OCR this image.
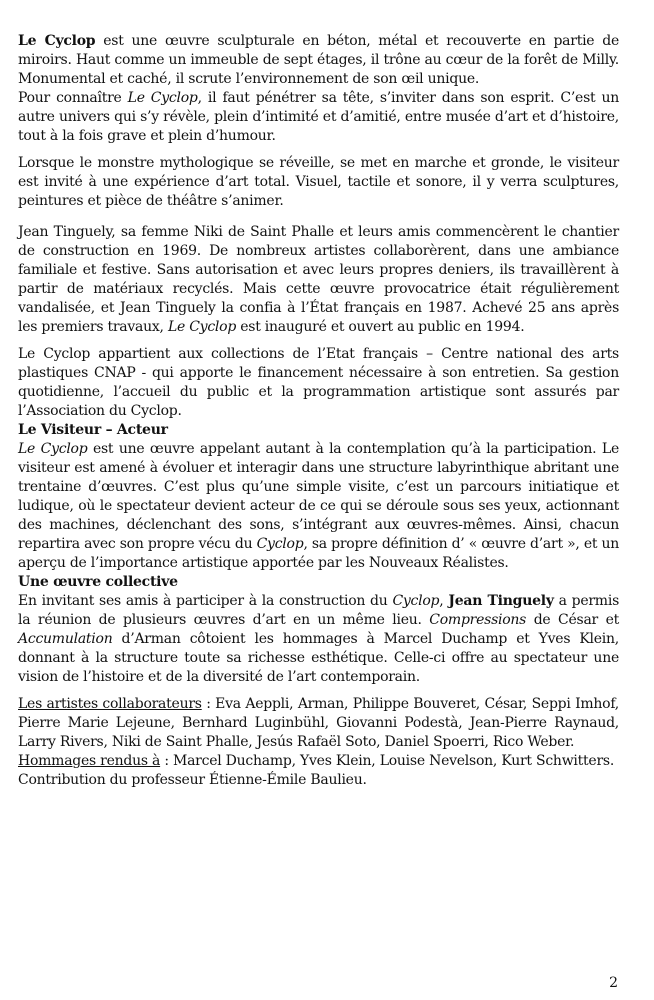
Le Cyclop est une œuvre sculpturale en béton, métal et recouverte en partie de miroirs. Haut comme un immeuble de sept étages, il trône au cœur de la forêt de Milly. Monumental et caché, il scrute l’environnement de son œil unique.

Pour connaître Le Cyclop, il faut pénétrer sa tête, s’inviter dans son esprit. C’est un autre univers qui s’y révèle, plein d’intimité et d’amitié, entre musée d’art et d’histoire, tout à la fois grave et plein d’humour.

Lorsque le monstre mythologique se réveille, se met en marche et gronde, le visiteur est invité à une expérience d’art total. Visuel, tactile et sonore, il y verra sculptures, peintures et pièce de théâtre s’animer.

Jean Tinguely, sa femme Niki de Saint Phalle et leurs amis commencèrent le chantier de construction en 1969. De nombreux artistes collaborèrent, dans une ambiance familiale et festive. Sans autorisation et avec leurs propres deniers, ils travaillèrent à partir de matériaux recyclés. Mais cette œuvre provocatrice était régulièrement vandalisée, et Jean Tinguely la confia à l’État français en 1987. Achevé 25 ans après les premiers travaux, Le Cyclop est inauguré et ouvert au public en 1994.

Le Cyclop appartient aux collections de l’Etat français – Centre national des arts plastiques CNAP - qui apporte le financement nécessaire à son entretien. Sa gestion quotidienne, l’accueil du public et la programmation artistique sont assurés par l’Association du Cyclop.

Le Visiteur – Acteur

Le Cyclop est une œuvre appelant autant à la contemplation qu’à la participation. Le visiteur est amené à évoluer et interagir dans une structure labyrinthique abritant une trentaine d’œuvres. C’est plus qu’une simple visite, c’est un parcours initiatique et ludique, où le spectateur devient acteur de ce qui se déroule sous ses yeux, actionnant des machines, déclenchant des sons, s’intégrant aux œuvres-mêmes. Ainsi, chacun repartira avec son propre vécu du Cyclop, sa propre définition d’ « œuvre d’art », et un aperçu de l’importance artistique apportée par les Nouveaux Réalistes.

Une œuvre collective

En invitant ses amis à participer à la construction du Cyclop, Jean Tinguely a permis la réunion de plusieurs œuvres d’art en un même lieu. Compressions de César et Accumulation d’Arman côtoient les hommages à Marcel Duchamp et Yves Klein, donnant à la structure toute sa richesse esthétique. Celle-ci offre au spectateur une vision de l’histoire et de la diversité de l’art contemporain.

Les artistes collaborateurs : Eva Aeppli, Arman, Philippe Bouveret, César, Seppi Imhof, Pierre Marie Lejeune, Bernhard Luginbühl, Giovanni Podestà, Jean-Pierre Raynaud, Larry Rivers, Niki de Saint Phalle, Jesús Rafaël Soto, Daniel Spoerri, Rico Weber.

Hommages rendus à : Marcel Duchamp, Yves Klein, Louise Nevelson, Kurt Schwitters.

Contribution du professeur Étienne-Émile Baulieu.

2
